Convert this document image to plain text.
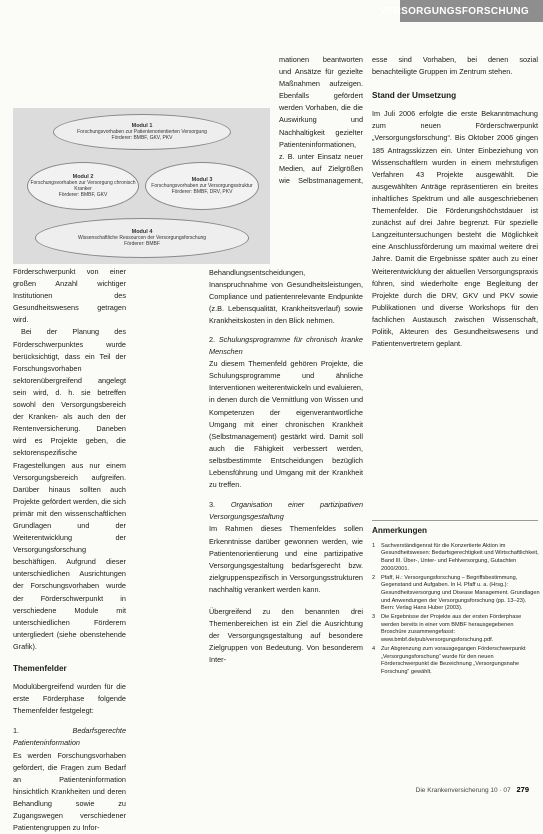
VERSORGUNGSFORSCHUNG
Modul 1
Forschungsvorhaben zur Patientenorientierten Versorgung
Förderer: BMBF, GKV, PKV
Modul 2
Forschungsvorhaben zur Versorgung chronisch Kranker
Förderer: BMBF, GKV
Modul 3
Forschungsvorhaben zur Versorgungsstruktur
Förderer: BMBF, DRV, PKV
Modul 4
Wissenschaftliche Ressourcen der Versorgungsforschung
Förderer: BMBF

Förderschwerpunkt von einer großen Anzahl wichtiger Institutionen des Gesundheitswesens getragen wird.

Bei der Planung des Förderschwerpunktes wurde berücksichtigt, dass ein Teil der Forschungsvorhaben sektorenübergreifend angelegt sein wird, d. h. sie betreffen sowohl den Versorgungsbereich der Kranken- als auch den der Rentenversicherung. Daneben wird es Projekte geben, die sektorenspezifische Fragestellungen aus nur einem Versorgungsbereich aufgreifen. Darüber hinaus sollten auch Projekte gefördert werden, die sich primär mit den wissenschaftlichen Grundlagen und der Weiterentwicklung der Versorgungsforschung beschäftigen. Aufgrund dieser unterschiedlichen Ausrichtungen der Forschungsvorhaben wurde der Förderschwerpunkt in verschiedene Module mit unterschiedlichen Förderern untergliedert (siehe obenstehende Grafik).

Themenfelder

Modulübergreifend wurden für die erste Förderphase folgende Themenfelder festgelegt:

1.	Bedarfsgerechte Patienteninformation

Es werden Forschungsvorhaben gefördert, die Fragen zum Bedarf an Patienteninformation hinsichtlich Krankheiten und deren Behandlung sowie zu Zugangswegen verschiedener Patientengruppen zu Infor-

mationen beantworten und Ansätze für gezielte Maßnahmen aufzeigen. Ebenfalls gefördert werden Vorhaben, die die Auswirkung und Nachhaltigkeit gezielter Patienteninformationen, z. B. unter Einsatz neuer Medien, auf Zielgrößen wie Selbstmanagement, Behandlungsentscheidungen, Inanspruchnahme von Gesundheitsleistungen, Compliance und patientenrelevante Endpunkte (z.B. Lebensqualität, Krankheitsverlauf) sowie Krankheitskosten in den Blick nehmen.

2. Schulungsprogramme für chronisch kranke Menschen

Zu diesem Themenfeld gehören Projekte, die Schulungsprogramme und ähnliche Interventionen weiterentwickeln und evaluieren, in denen durch die Vermittlung von Wissen und Kompetenzen der eigenverantwortliche Umgang mit einer chronischen Krankheit (Selbstmanagement) gestärkt wird. Damit soll auch die Fähigkeit verbessert werden, selbstbestimmte Entscheidungen bezüglich Lebensführung und Umgang mit der Krankheit zu treffen.

3. Organisation einer partizipativen Versorgungsgestaltung

Im Rahmen dieses Themenfeldes sollen Erkenntnisse darüber gewonnen werden, wie Patientenorientierung und eine partizipative Versorgungsgestaltung bedarfsgerecht bzw. zielgruppenspezifisch in Versorgungsstrukturen nachhaltig verankert werden kann.

Übergreifend zu den benannten drei Themenbereichen ist ein Ziel die Ausrichtung der Versorgungsgestaltung auf besondere Zielgruppen von Bedeutung. Von besonderem Inter-

esse sind Vorhaben, bei denen sozial benachteiligte Gruppen im Zentrum stehen.

Stand der Umsetzung

Im Juli 2006 erfolgte die erste Bekanntmachung zum neuen Förderschwerpunkt „Versorgungsforschung“. Bis Oktober 2006 gingen 185 Antragsskizzen ein. Unter Einbeziehung von Wissenschaftlern wurden in einem mehrstufigen Verfahren 43 Projekte ausgewählt. Die ausgewählten Anträge repräsentieren ein breites inhaltliches Spektrum und alle ausgeschriebenen Themenfelder. Die Förderungshöchstdauer ist zunächst auf drei Jahre begrenzt. Für spezielle Langzeituntersuchungen besteht die Möglichkeit eine Anschlussförderung um maximal weitere drei Jahre. Damit die Ergebnisse später auch zu einer Weiterentwicklung der aktuellen Versorgungspraxis führen, sind wiederholte enge Begleitung der Projekte durch die DRV, GKV und PKV sowie Publikationen und diverse Workshops für den fachlichen Austausch zwischen Wissenschaft, Politik, Akteuren des Gesundheitswesens und Patientenvertretern geplant.

Anmerkungen
1	Sachverständigenrat für die Konzertierte Aktion im Gesundheitswesen: Bedarfsgerechtigkeit und Wirtschaftlichkeit, Band III. Über-, Unter- und Fehlversorgung, Gutachten 2000/2001.
2	Pfaff, H.: Versorgungsforschung – Begriffsbestimmung, Gegenstand und Aufgaben. In H. Pfaff u. a. (Hrsg.): Gesundheitsversorgung und Disease Management. Grundlagen und Anwendungen der Versorgungsforschung (pp. 13–23). Bern: Verlag Hans Huber (2003).
3	Die Ergebnisse der Projekte aus der ersten Förderphase werden bereits in einer vom BMBF herausgegebenen Broschüre zusammengefasst: www.bmbf.de/pub/versorgungsforschung.pdf.
4	Zur Abgrenzung zum vorausgegangen Förderschwerpunkt „Versorgungsforschung“ wurde für den neuen Förderschwerpunkt die Bezeichnung „Versorgungsnahe Forschung“ gewählt.
Die Krankenversicherung 10 · 07 279
